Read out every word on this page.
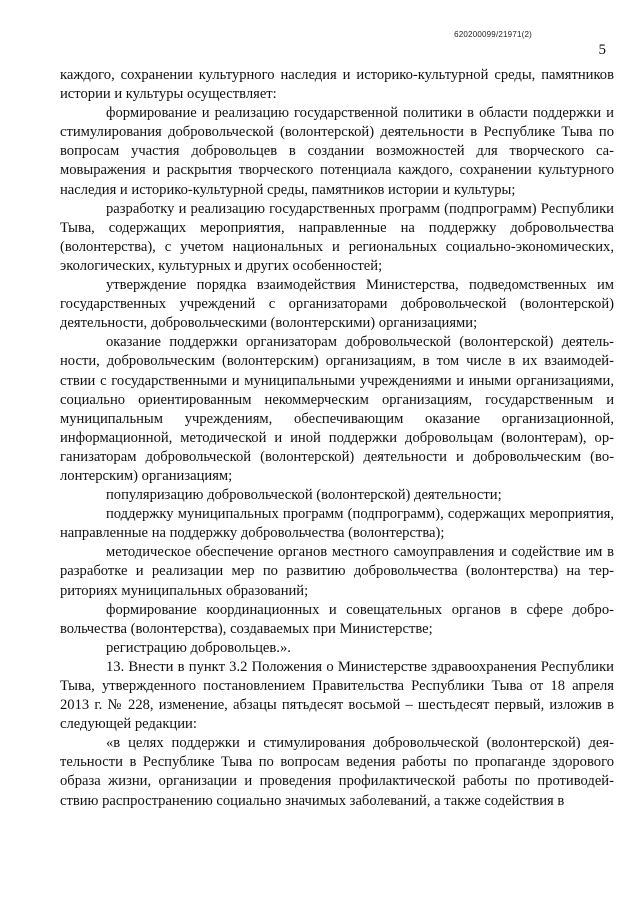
620200099/21971(2)
5

каждого, сохранении культурного наследия и историко-культурной среды, памятников истории и культуры осуществляет:

формирование и реализацию государственной политики в области поддержки и стимулирования добровольческой (волонтерской) деятельности в Республике Тыва по вопросам участия добровольцев в создании возможностей для творческого самовыражения и раскрытия творческого потенциала каждого, сохранении культурного наследия и историко-культурной среды, памятников истории и культуры;

разработку и реализацию государственных программ (подпрограмм) Республики Тыва, содержащих мероприятия, направленные на поддержку добровольчества (волонтерства), с учетом национальных и региональных социально-экономических, экологических, культурных и других особенностей;

утверждение порядка взаимодействия Министерства, подведомственных им государственных учреждений с организаторами добровольческой (волонтерской) деятельности, добровольческими (волонтерскими) организациями;

оказание поддержки организаторам добровольческой (волонтерской) деятельности, добровольческим (волонтерским) организациям, в том числе в их взаимодействии с государственными и муниципальными учреждениями и иными организациями, социально ориентированным некоммерческим организациям, государственным и муниципальным учреждениям, обеспечивающим оказание организационной, информационной, методической и иной поддержки добровольцам (волонтерам), организаторам добровольческой (волонтерской) деятельности и добровольческим (волонтерским) организациям;

популяризацию добровольческой (волонтерской) деятельности;

поддержку муниципальных программ (подпрограмм), содержащих мероприятия, направленные на поддержку добровольчества (волонтерства);

методическое обеспечение органов местного самоуправления и содействие им в разработке и реализации мер по развитию добровольчества (волонтерства) на территориях муниципальных образований;

формирование координационных и совещательных органов в сфере добровольчества (волонтерства), создаваемых при Министерстве;

регистрацию добровольцев.».

13. Внести в пункт 3.2 Положения о Министерстве здравоохранения Республики Тыва, утвержденного постановлением Правительства Республики Тыва от 18 апреля 2013 г. № 228, изменение, абзацы пятьдесят восьмой – шестьдесят первый, изложив в следующей редакции:

«в целях поддержки и стимулирования добровольческой (волонтерской) деятельности в Республике Тыва по вопросам ведения работы по пропаганде здорового образа жизни, организации и проведения профилактической работы по противодействию распространению социально значимых заболеваний, а также содействия в
